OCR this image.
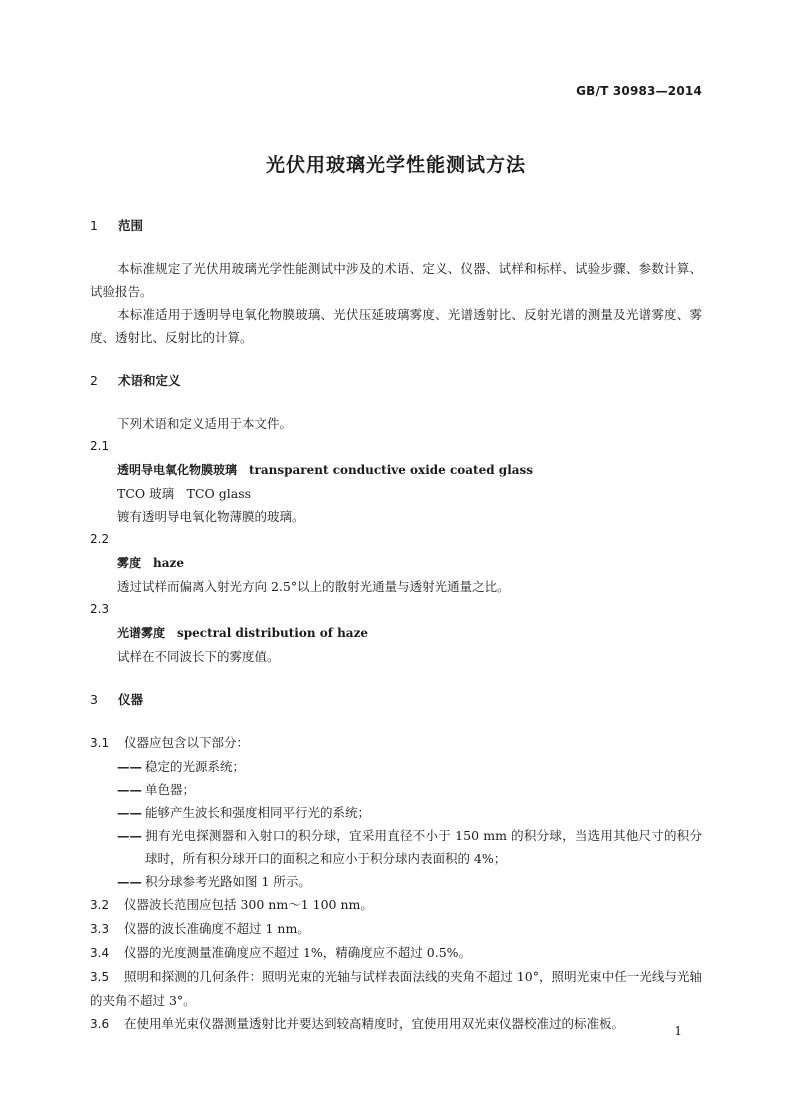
GB/T 30983—2014
光伏用玻璃光学性能测试方法

1 范围

本标准规定了光伏用玻璃光学性能测试中涉及的术语、定义、仪器、试样和标样、试验步骤、参数计算、试验报告。

本标准适用于透明导电氧化物膜玻璃、光伏压延玻璃雾度、光谱透射比、反射光谱的测量及光谱雾度、雾度、透射比、反射比的计算。

2 术语和定义

下列术语和定义适用于本文件。

2.1

透明导电氧化物膜玻璃 transparent conductive oxide coated glass

TCO 玻璃　TCO glass

镀有透明导电氧化物薄膜的玻璃。

2.2

雾度 haze

透过试样而偏离入射光方向 2.5°以上的散射光通量与透射光通量之比。

2.3

光谱雾度 spectral distribution of haze

试样在不同波长下的雾度值。

3 仪器

3.1 仪器应包含以下部分：

—— 稳定的光源系统；

—— 单色器；

—— 能够产生波长和强度相同平行光的系统；

—— 拥有光电探测器和入射口的积分球，宜采用直径不小于 150 mm 的积分球，当选用其他尺寸的积分球时，所有积分球开口的面积之和应小于积分球内表面积的 4%；

—— 积分球参考光路如图 1 所示。

3.2 仪器波长范围应包括 300 nm～1 100 nm。

3.3 仪器的波长准确度不超过 1 nm。

3.4 仪器的光度测量准确度应不超过 1%，精确度应不超过 0.5%。

3.5 照明和探测的几何条件：照明光束的光轴与试样表面法线的夹角不超过 10°，照明光束中任一光线与光轴的夹角不超过 3°。

3.6 在使用单光束仪器测量透射比并要达到较高精度时，宜使用用双光束仪器校准过的标准板。	1
